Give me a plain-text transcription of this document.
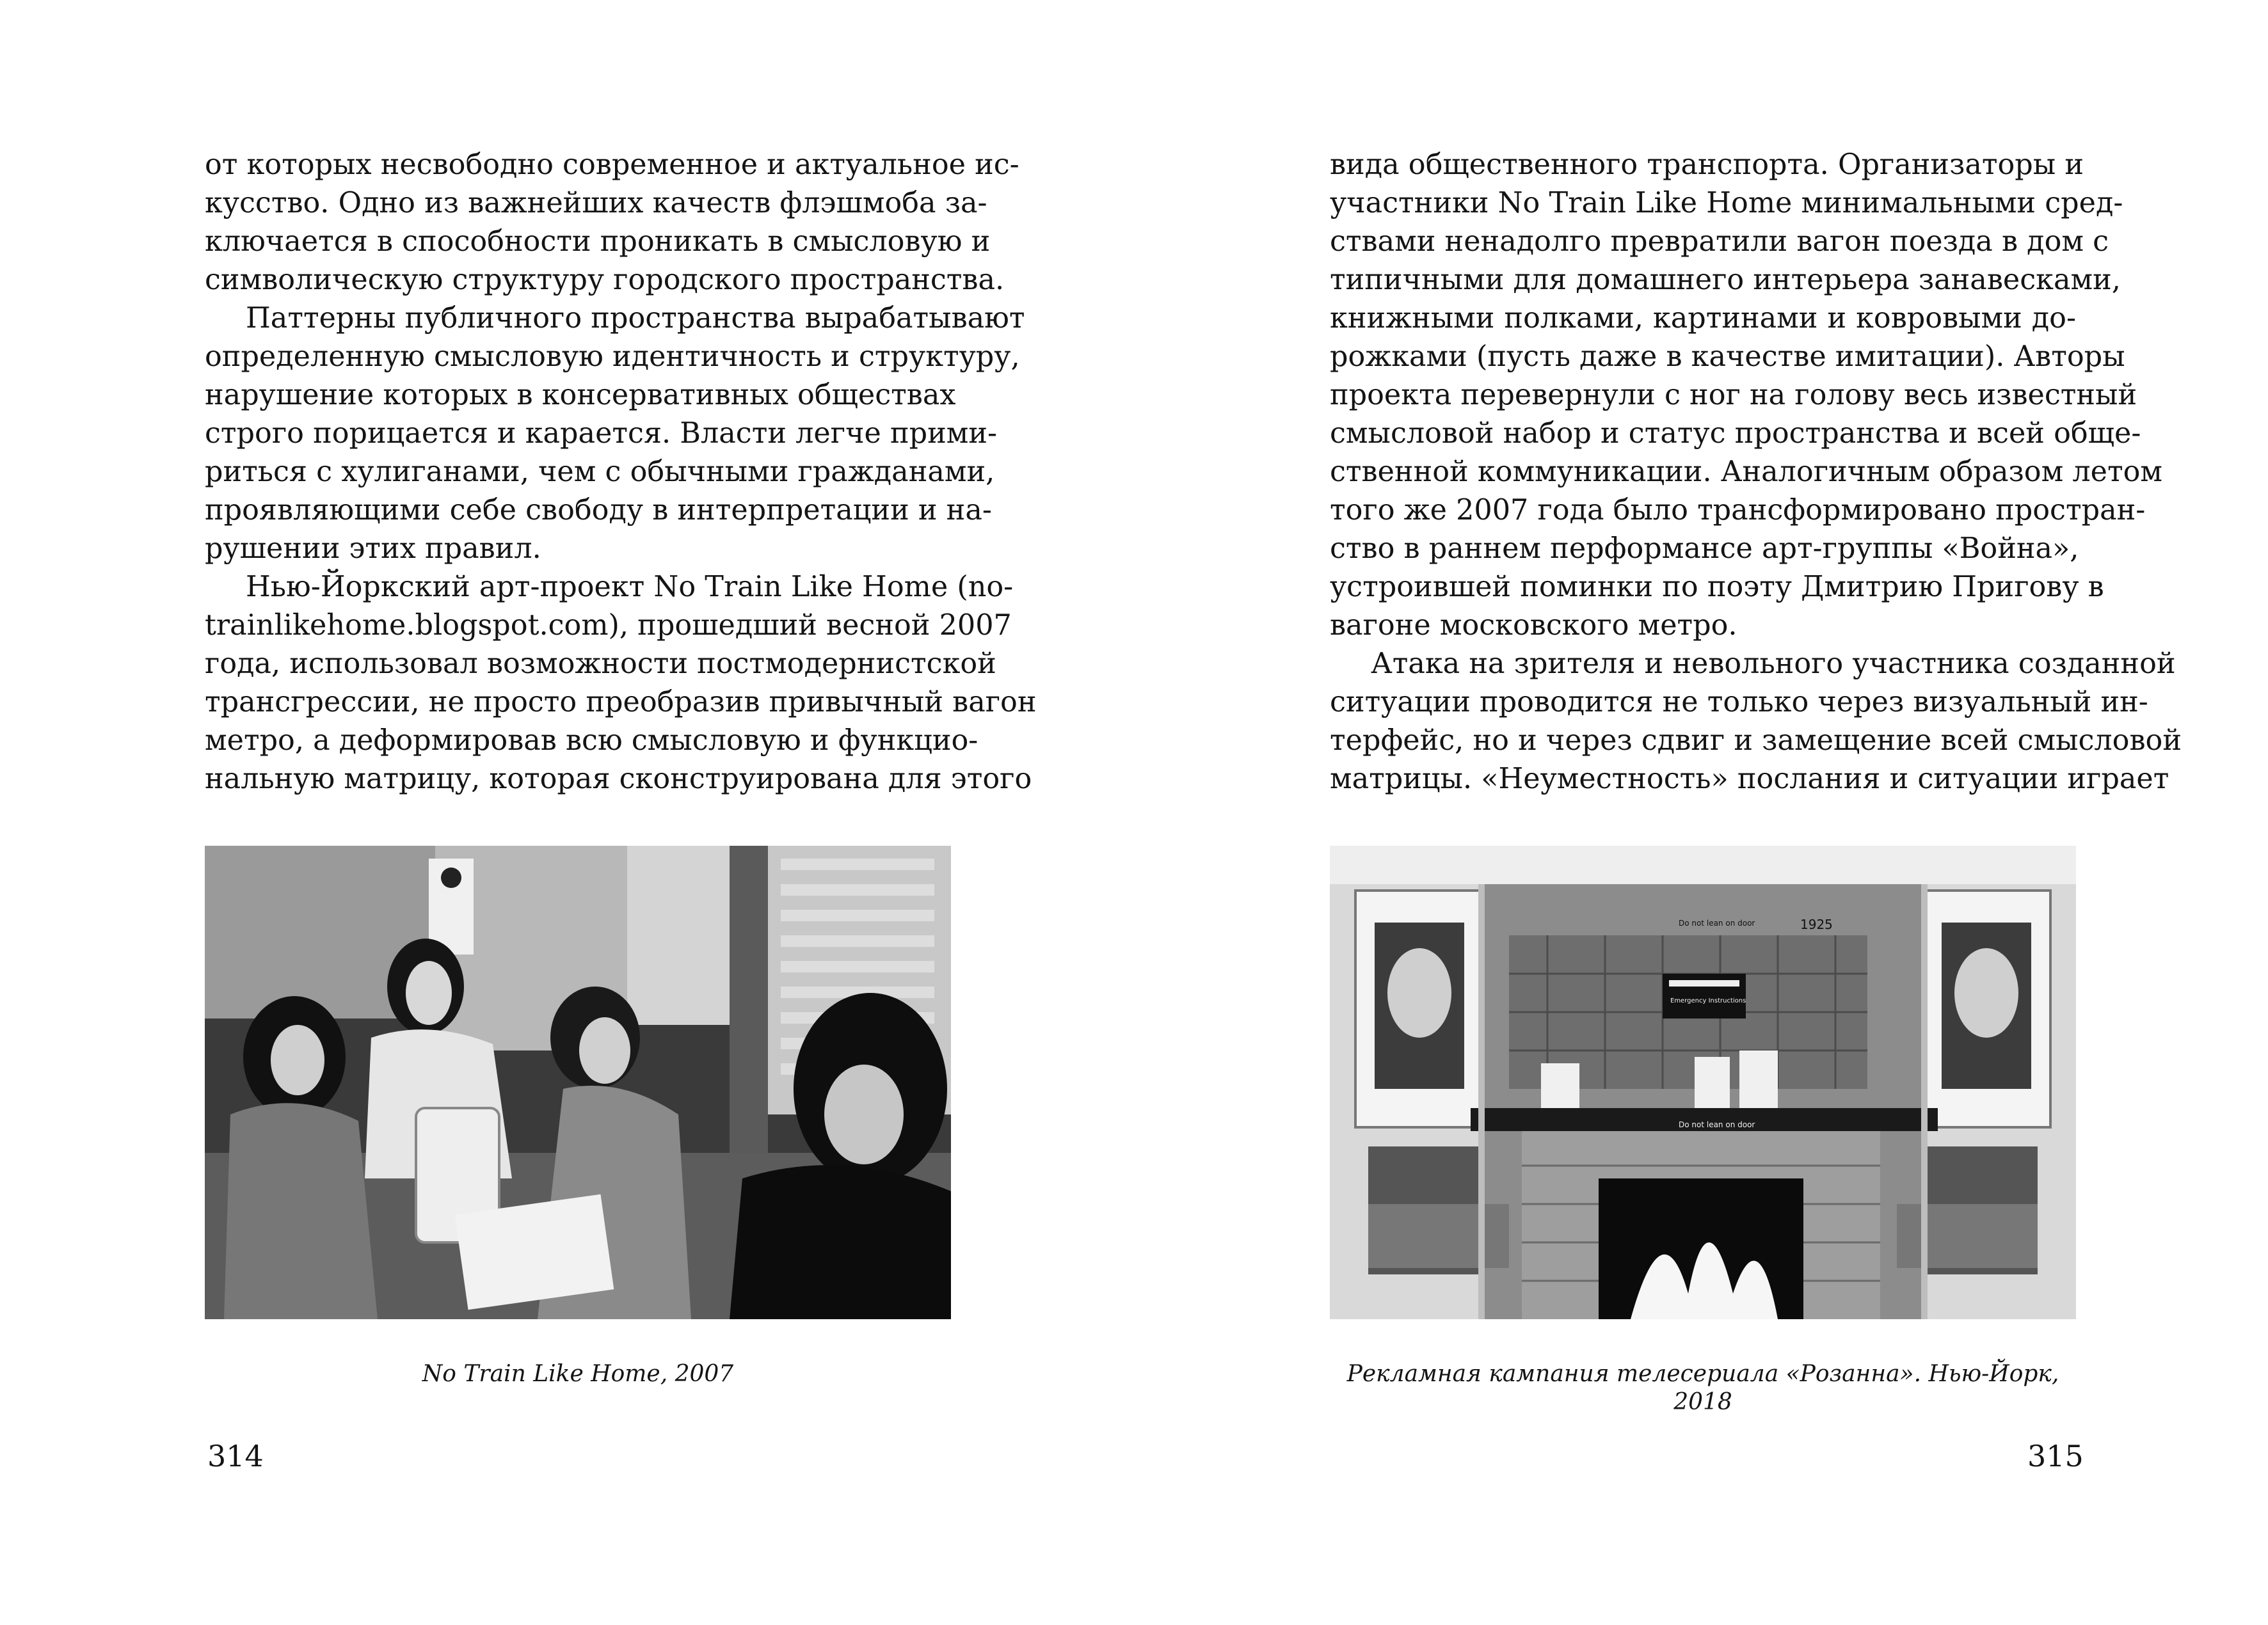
от которых несвободно современное и актуальное ис-
кусство. Одно из важнейших качеств флэшмоба за-
ключается в способности проникать в смысловую и
символическую структуру городского пространства.
Паттерны публичного пространства вырабатывают
определенную смысловую идентичность и структуру,
нарушение которых в консервативных обществах
строго порицается и карается. Власти легче прими-
риться с хулиганами, чем с обычными гражданами,
проявляющими себе свободу в интерпретации и на-
рушении этих правил.
Нью-Йоркский арт-проект No Train Like Home (no-
trainlikehome.blogspot.com), прошедший весной 2007
года, использовал возможности постмодернистской
трансгрессии, не просто преобразив привычный вагон
метро, а деформировав всю смысловую и функцио-
нальную матрицу, которая сконструирована для этого
No Train Like Home, 2007
314
вида общественного транспорта. Организаторы и
участники No Train Like Home минимальными сред-
ствами ненадолго превратили вагон поезда в дом с
типичными для домашнего интерьера занавесками,
книжными полками, картинами и ковровыми до-
рожками (пусть даже в качестве имитации). Авторы
проекта перевернули с ног на голову весь известный
смысловой набор и статус пространства и всей обще-
ственной коммуникации. Аналогичным образом летом
того же 2007 года было трансформировано простран-
ство в раннем перформансе арт-группы «Война»,
устроившей поминки по поэту Дмитрию Пригову в
вагоне московского метро.
Атака на зрителя и невольного участника созданной
ситуации проводится не только через визуальный ин-
терфейс, но и через сдвиг и замещение всей смысловой
матрицы. «Неуместность» послания и ситуации играет
1925
Do not lean on door
Do not lean on door
Emergency Instructions
Рекламная кампания телесериала «Розанна». Нью-Йорк, 2018
315
